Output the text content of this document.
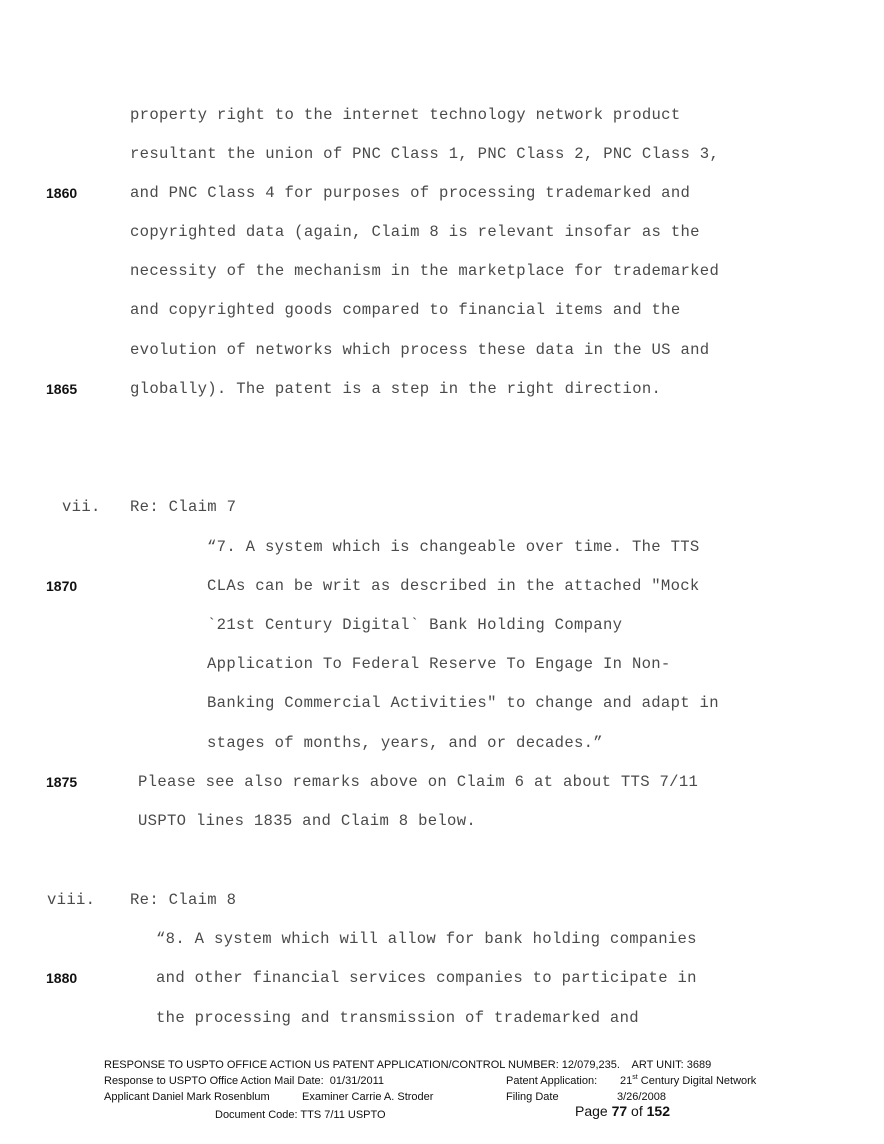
1860
1865
1870
1875
1880
property right to the internet technology network product
resultant the union of PNC Class 1, PNC Class 2, PNC Class 3,
and PNC Class 4 for purposes of processing trademarked and
copyrighted data (again, Claim 8 is relevant insofar as the
necessity of the mechanism in the marketplace for trademarked
and copyrighted goods compared to financial items and the
evolution of networks which process these data in the US and
globally). The patent is a step in the right direction.
vii. Re: Claim 7
“7. A system which is changeable over time. The TTS
CLAs can be writ as described in the attached "Mock
`21st Century Digital` Bank Holding Company
Application To Federal Reserve To Engage In Non-
Banking Commercial Activities" to change and adapt in
stages of months, years, and or decades.”
Please see also remarks above on Claim 6 at about TTS 7/11
USPTO lines 1835 and Claim 8 below.
viii. Re: Claim 8
“8. A system which will allow for bank holding companies
and other financial services companies to participate in
the processing and transmission of trademarked and
RESPONSE TO USPTO OFFICE ACTION US PATENT APPLICATION/CONTROL NUMBER: 12/079,235.    ART UNIT: 3689
Response to USPTO Office Action Mail Date:  01/31/2011	Patent Application: 21st Century Digital Network
Applicant Daniel Mark Rosenblum	Examiner Carrie A. Stroder	Filing Date	3/26/2008
Document Code: TTS 7/11 USPTO	Page 77 of 152
